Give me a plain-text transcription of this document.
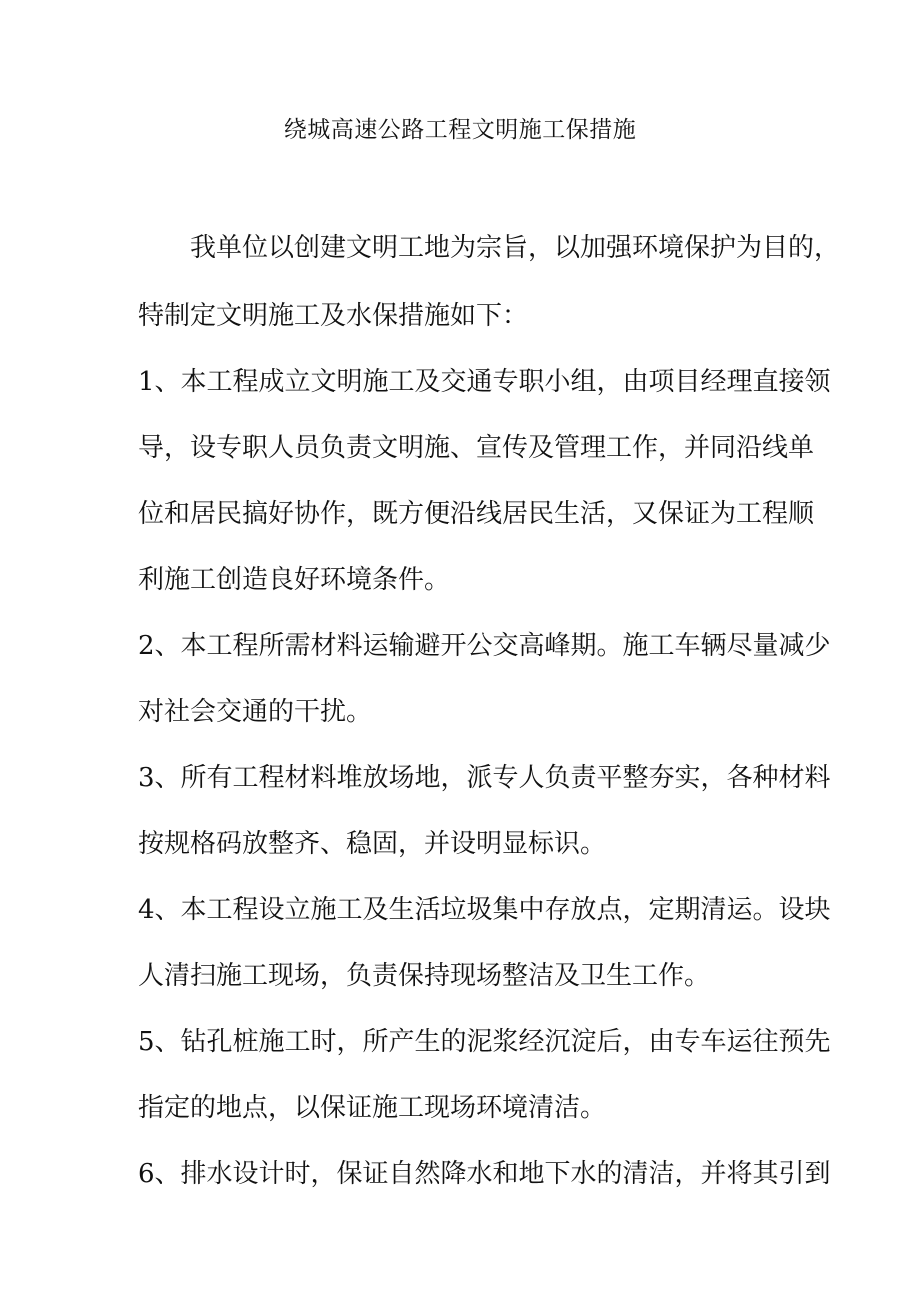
绕城高速公路工程文明施工保措施

我单位以创建文明工地为宗旨，以加强环境保护为目的，

特制定文明施工及水保措施如下：

1、本工程成立文明施工及交通专职小组，由项目经理直接领

导，设专职人员负责文明施、宣传及管理工作，并同沿线单

位和居民搞好协作，既方便沿线居民生活，又保证为工程顺

利施工创造良好环境条件。

2、本工程所需材料运输避开公交高峰期。施工车辆尽量减少

对社会交通的干扰。

3、所有工程材料堆放场地，派专人负责平整夯实，各种材料

按规格码放整齐、稳固，并设明显标识。

4、本工程设立施工及生活垃圾集中存放点，定期清运。设块

人清扫施工现场，负责保持现场整洁及卫生工作。

5、钻孔桩施工时，所产生的泥浆经沉淀后，由专车运往预先

指定的地点，以保证施工现场环境清洁。

6、排水设计时，保证自然降水和地下水的清洁，并将其引到
